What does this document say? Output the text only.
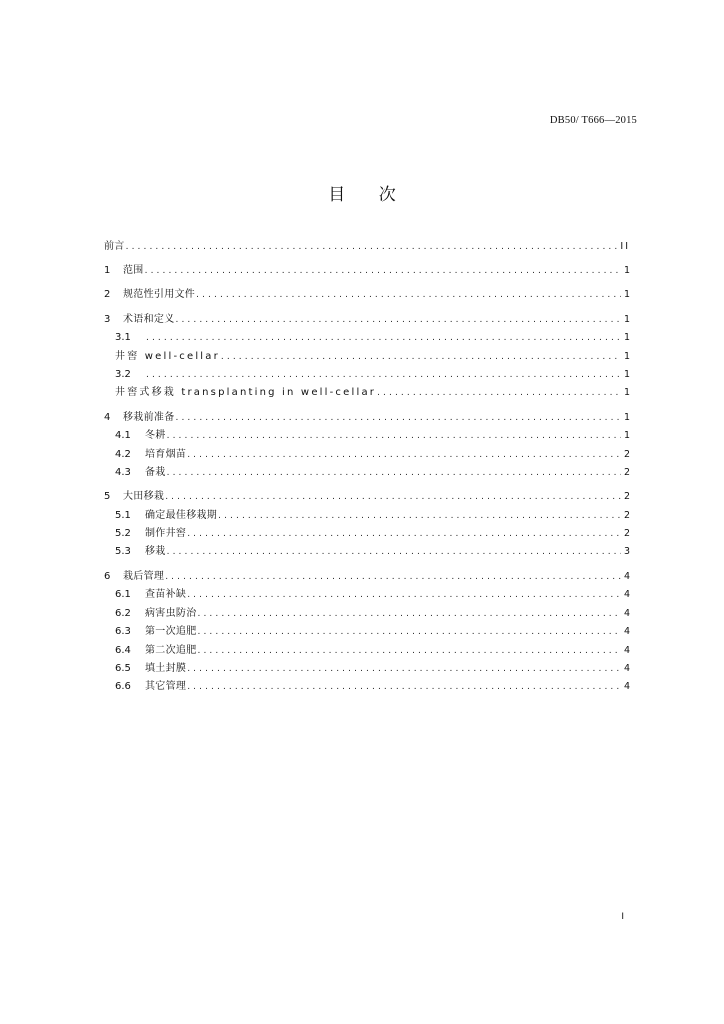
DB50/ T666—2015
目 次
前言 .....	II
1	范围 .....	1
2	规范性引用文件 .....	1
3	术语和定义 .....	1
3.1 .....	1
井窖 well-cellar .....	1
3.2 .....	1
井窖式移栽 transplanting in well-cellar .....	1
4	移栽前准备 .....	1
4.1	冬耕 .....	1
4.2	培育烟苗 .....	2
4.3	备栽 .....	2
5	大田移栽 .....	2
5.1	确定最佳移栽期 .....	2
5.2	制作井窖 .....	2
5.3	移栽 .....	3
6	栽后管理 .....	4
6.1	查苗补缺 .....	4
6.2	病害虫防治 .....	4
6.3	第一次追肥 .....	4
6.4	第二次追肥 .....	4
6.5	填土封膜 .....	4
6.6	其它管理 .....	4
I
